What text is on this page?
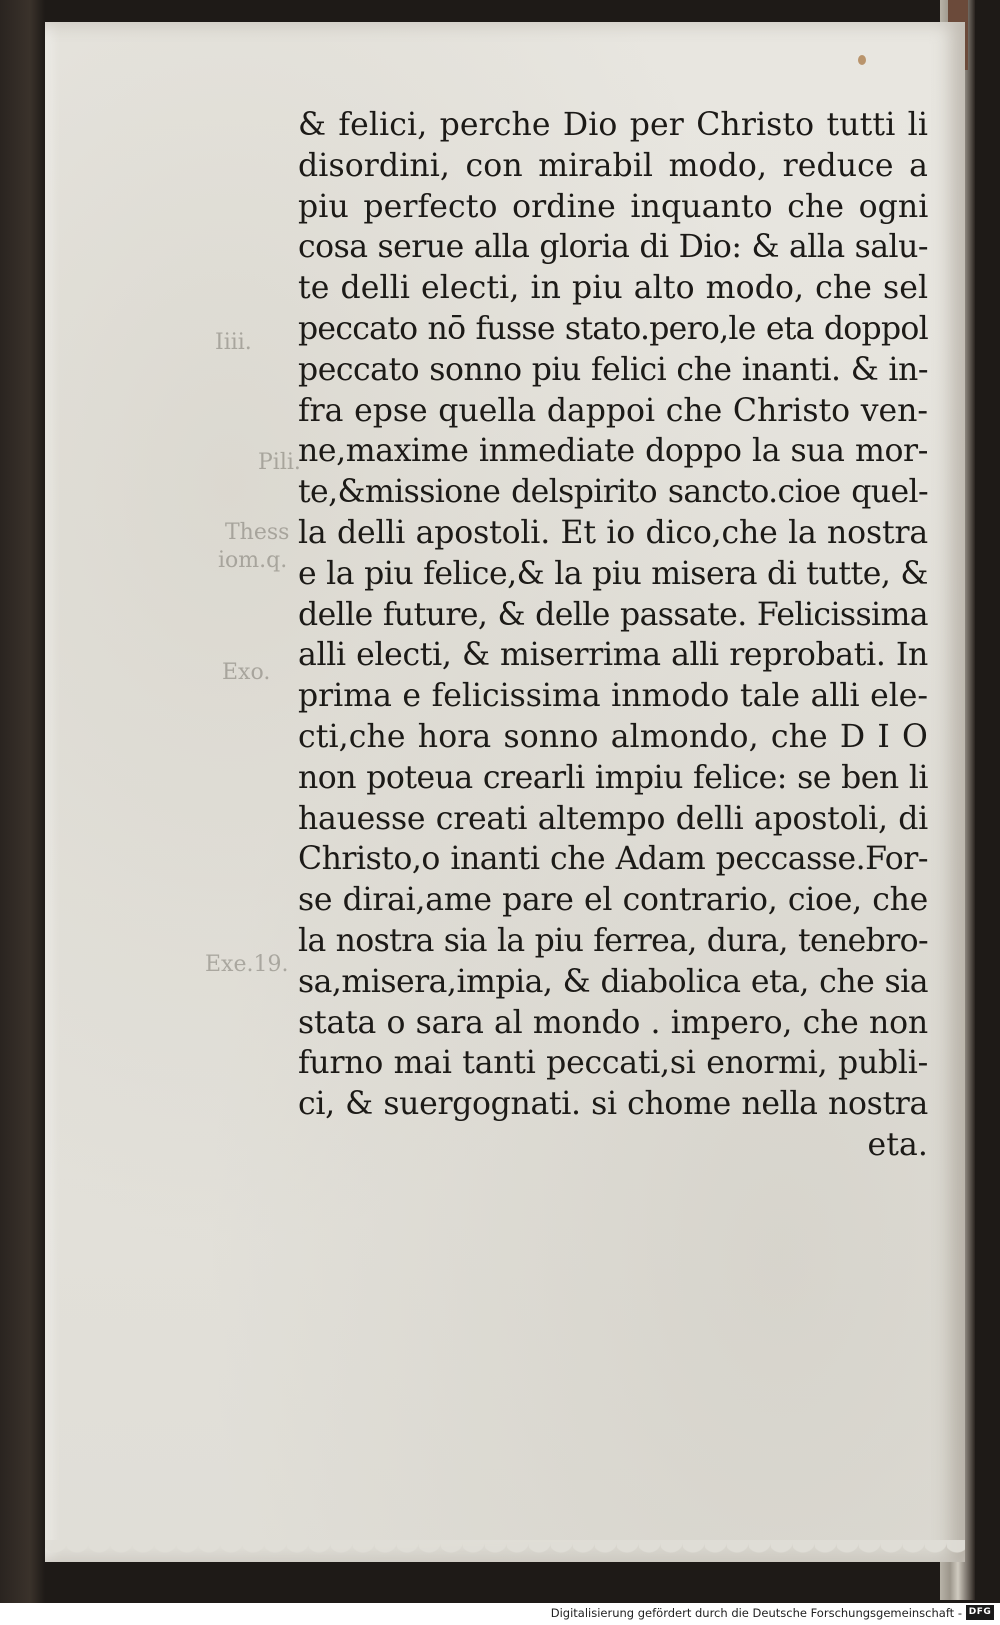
Iiii.
Pili.
Thess
iom.q.
Exo.
Exe.19.
& felici, perche Dio per Christo tutti li
disordini, con mirabil modo, reduce a
piu perfecto ordine inquanto che ogni
cosa serue alla gloria di Dio: & alla salu-
te delli electi, in piu alto modo, che sel
peccato nō fusse stato.pero,le eta doppol
peccato sonno piu felici che inanti. & in-
fra epse quella dappoi che Christo ven-
ne,maxime inmediate doppo la sua mor-
te,&missione delspirito sancto.cioe quel-
la delli apostoli. Et io dico,che la nostra
e la piu felice,& la piu misera di tutte, &
delle future, & delle passate. Felicissima
alli electi, & miserrima alli reprobati. In
prima e felicissima inmodo tale alli ele-
cti,che hora sonno almondo, che D I O
non poteua crearli impiu felice: se ben li
hauesse creati altempo delli apostoli, di
Christo,o inanti che Adam peccasse.For-
se dirai,ame pare el contrario, cioe, che
la nostra sia la piu ferrea, dura, tenebro-
sa,misera,impia, & diabolica eta, che sia
stata o sara al mondo . impero, che non
furno mai tanti peccati,si enormi, publi-
ci, & suergognati. si chome nella nostra
eta.
Digitalisierung gefördert durch die Deutsche Forschungsgemeinschaft - DFG
